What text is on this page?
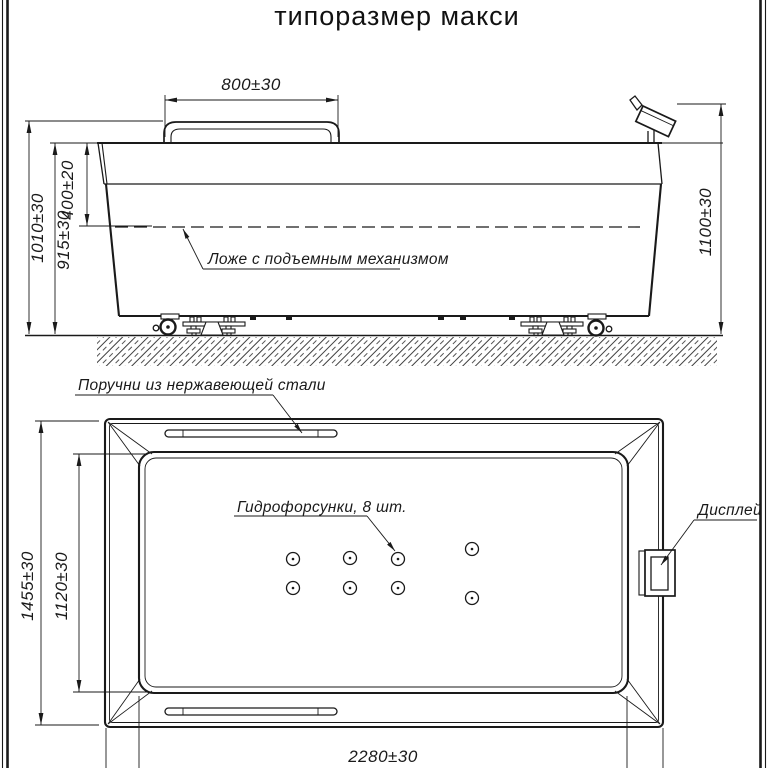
типоразмер макси
Ложе с подъемным механизмом
800±30
1010±30 915±30
400±20	1100±30
Поручни из нержавеющей стали
Гидрофорсунки, 8 шт.	Дисплей
1455±30 1120±30
2280±30
